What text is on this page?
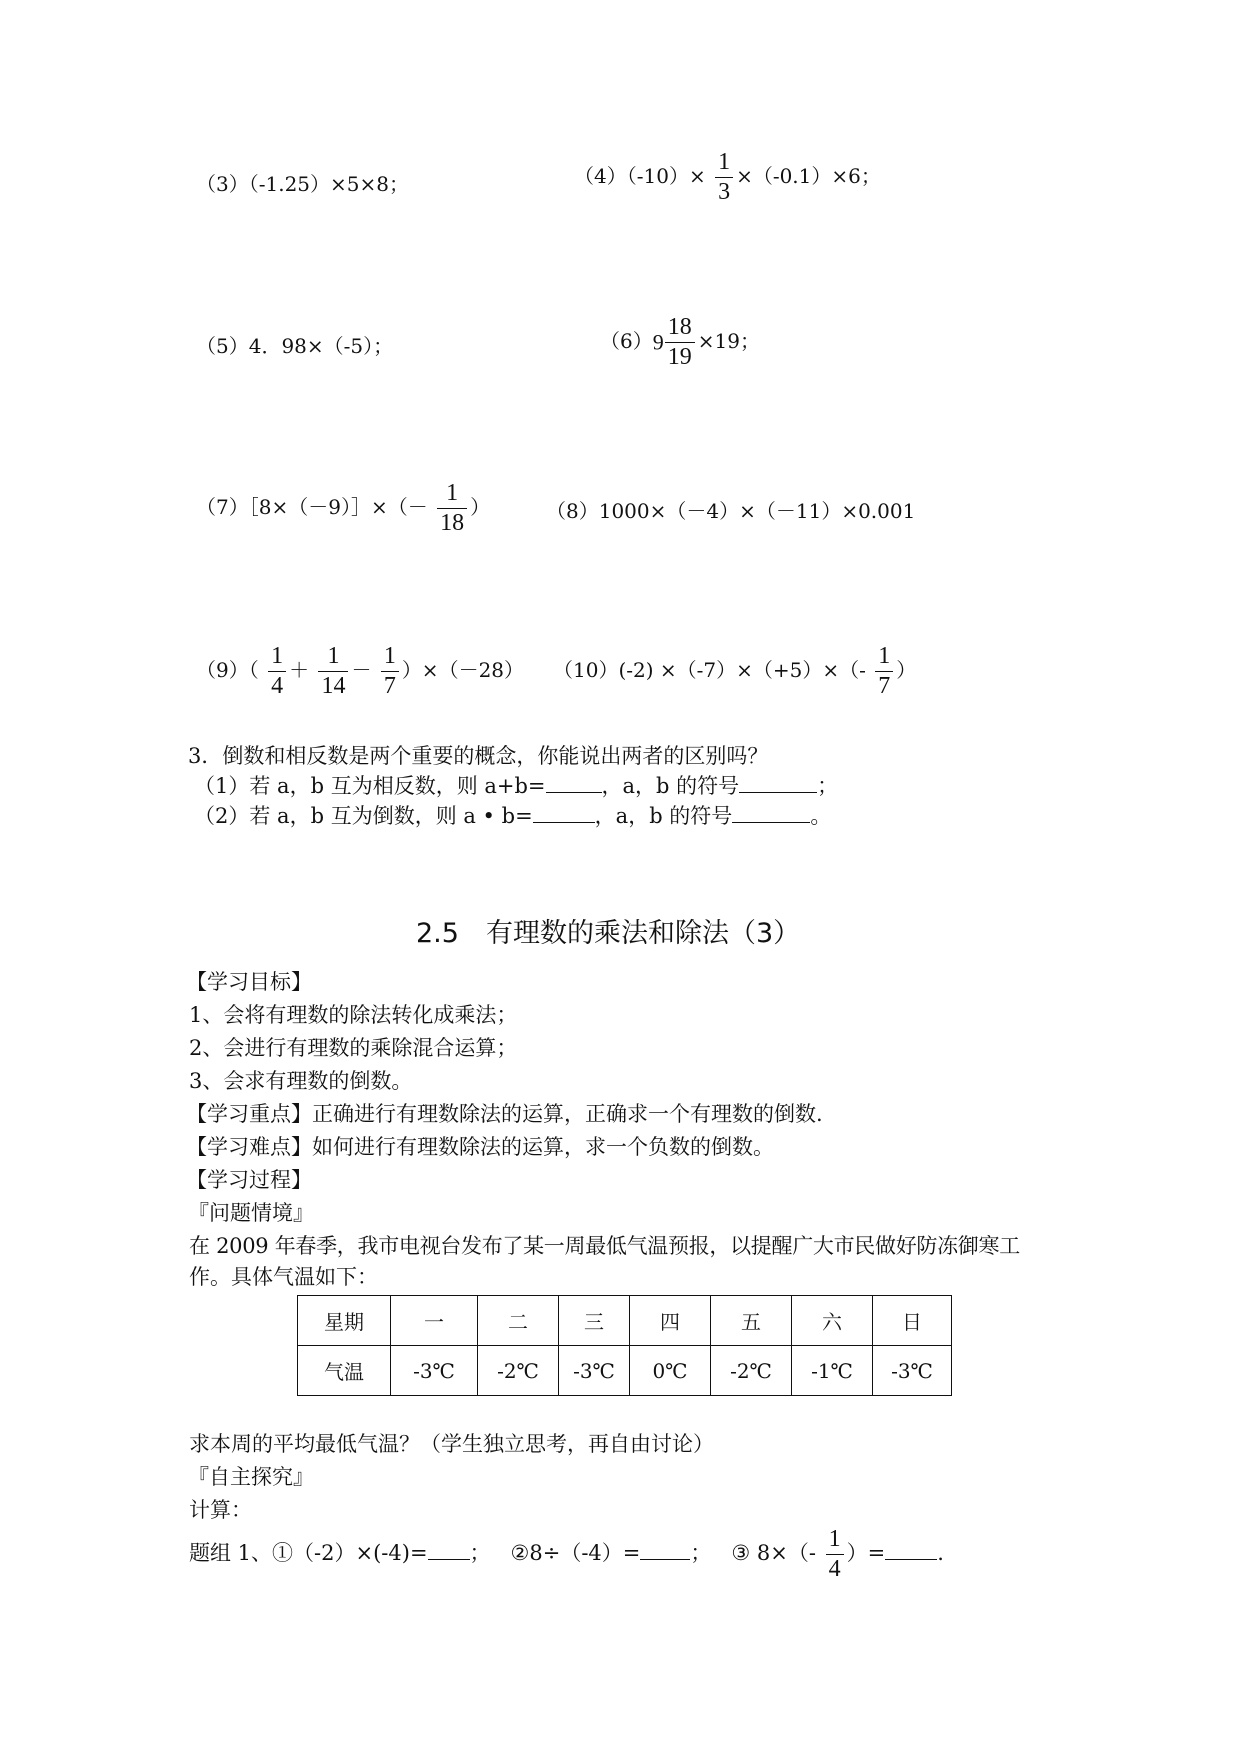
（3）（-1.25）×5×8；	$(4)(-10)\times \frac{1}{3} \times(-0.1)\times 6$；
（5）4．98×（-5）；	$(6)9 \frac{18}{19} \times 19$；
（7）［8×（－9）］×（－ $\frac{1}{18}$ ）	（8）1000×（－4）×（－11）×0.001
$(9)( \frac{1}{4} + \frac{1}{14} - \frac{1}{7} )\times(-28)$ $(10)(-2) \times(-7)\times(+5)\times(- \frac{1}{7}$ ）
3．倒数和相反数是两个重要的概念，你能说出两者的区别吗？
（1）若 a，b 互为相反数，则 a+b=	，a，b 的符号	；
（2）若 a，b 互为倒数，则 a • b=	，a，b 的符号	。
2.5　有理数的乘法和除法（3）
【学习目标】
1、会将有理数的除法转化成乘法；
2、会进行有理数的乘除混合运算；
3、会求有理数的倒数。
【学习重点】正确进行有理数除法的运算，正确求一个有理数的倒数.
【学习难点】如何进行有理数除法的运算，求一个负数的倒数。
【学习过程】
『问题情境』
在 2009 年春季，我市电视台发布了某一周最低气温预报，以提醒广大市民做好防冻御寒工
作。具体气温如下：
星期	一	二	三	四	五	六	日
气温	-3℃	-2℃	-3℃	0℃	-2℃	-1℃	-3℃
求本周的平均最低气温？（学生独立思考，再自由讨论）
『自主探究』
计算：
题组 1、①（-2）×(-4)= ； ②8÷（-4）= ； ③ $8\times(- \frac{1}{4}$ ）= .
